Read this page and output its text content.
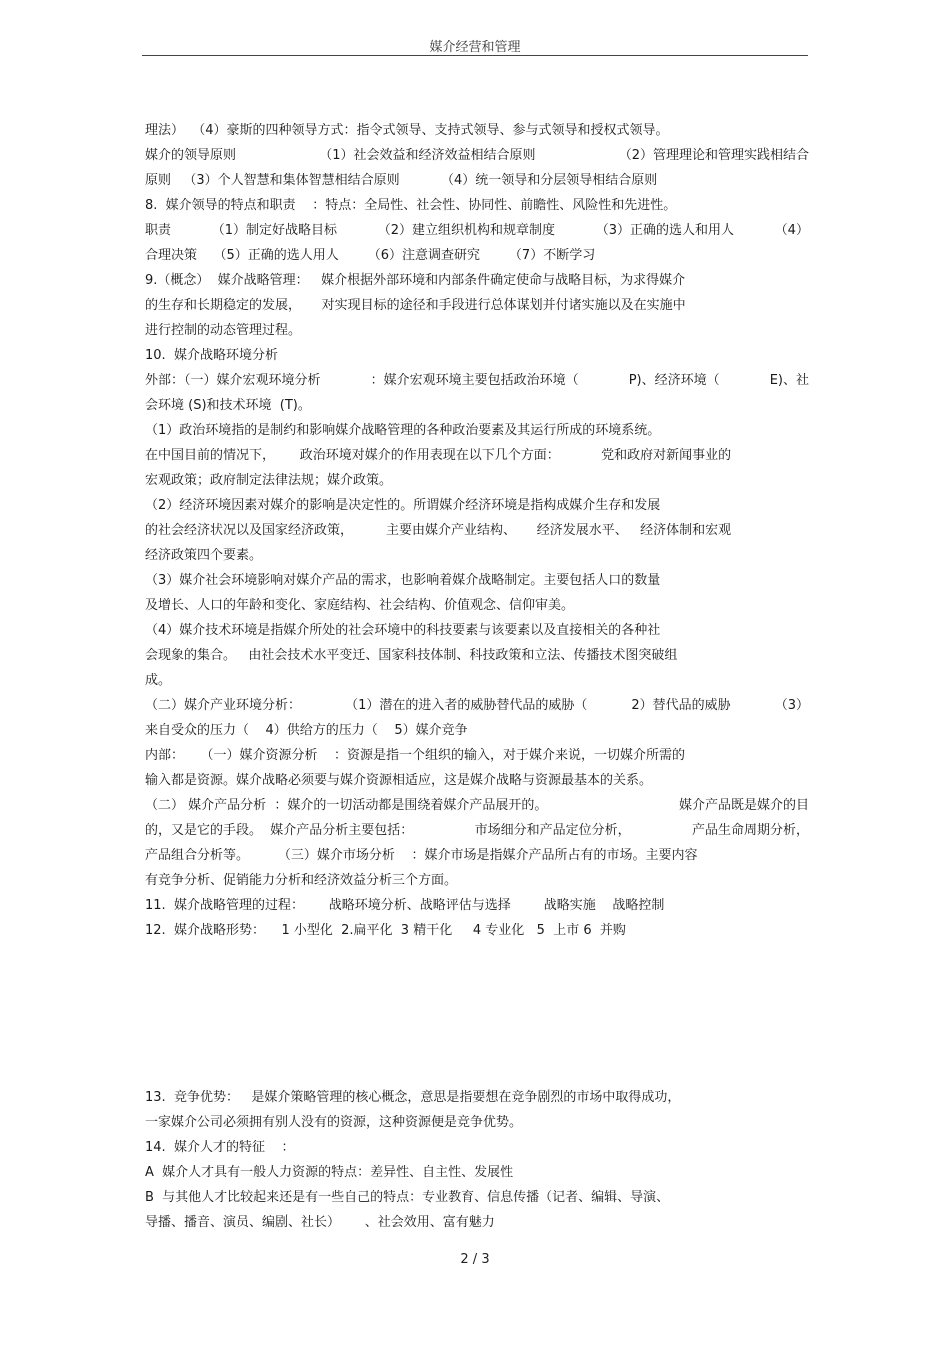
媒介经营和管理
理法）  （4）豪斯的四种领导方式：指令式领导、支持式领导、参与式领导和授权式领导。
媒介的领导原则	（1）社会效益和经济效益相结合原则	（2）管理理论和管理实践相结合
原则   （3）个人智慧和集体智慧相结合原则          （4）统一领导和分层领导相结合原则
8.  媒介领导的特点和职责    ：特点：全局性、社会性、协同性、前瞻性、风险性和先进性。
职责	（1）制定好战略目标	（2）建立组织机构和规章制度	（3）正确的选人和用人	（4）
合理决策    （5）正确的选人用人       （6）注意调查研究       （7）不断学习
9.（概念）  媒介战略管理：   媒介根据外部环境和内部条件确定使命与战略目标，为求得媒介
的生存和长期稳定的发展，     对实现目标的途径和手段进行总体谋划并付诸实施以及在实施中
进行控制的动态管理过程。
10.  媒介战略环境分析
外部：（一）媒介宏观环境分析	：媒介宏观环境主要包括政治环境（	P)、经济环境（	E)、社
会环境 (S)和技术环境  (T)。
（1）政治环境指的是制约和影响媒介战略管理的各种政治要素及其运行所成的环境系统。
在中国目前的情况下，      政治环境对媒介的作用表现在以下几个方面：          党和政府对新闻事业的
宏观政策；政府制定法律法规；媒介政策。
（2）经济环境因素对媒介的影响是决定性的。所谓媒介经济环境是指构成媒介生存和发展
的社会经济状况以及国家经济政策，        主要由媒介产业结构、     经济发展水平、   经济体制和宏观
经济政策四个要素。
（3）媒介社会环境影响对媒介产品的需求，也影响着媒介战略制定。主要包括人口的数量
及增长、人口的年龄和变化、家庭结构、社会结构、价值观念、信仰审美。
（4）媒介技术环境是指媒介所处的社会环境中的科技要素与该要素以及直接相关的各种社
会现象的集合。   由社会技术水平变迁、国家科技体制、科技政策和立法、传播技术图突破组
成。
（二）媒介产业环境分析：	（1）潜在的进入者的威胁替代品的威胁（	2）替代品的威胁	（3）
来自受众的压力（    4）供给方的压力（    5）媒介竞争
内部：    （一）媒介资源分析    ：资源是指一个组织的输入，对于媒介来说，一切媒介所需的
输入都是资源。媒介战略必须要与媒介资源相适应，这是媒介战略与资源最基本的关系。
（二） 媒介产品分析  ：媒介的一切活动都是围绕着媒介产品展开的。	媒介产品既是媒介的目
的，又是它的手段。  媒介产品分析主要包括：	市场细分和产品定位分析，	产品生命周期分析，
产品组合分析等。       （三）媒介市场分析    ：媒介市场是指媒介产品所占有的市场。主要内容
有竞争分析、促销能力分析和经济效益分析三个方面。
11.  媒介战略管理的过程：      战略环境分析、战略评估与选择        战略实施    战略控制
12.  媒介战略形势：    1 小型化  2.扁平化  3 精干化     4 专业化   5  上市 6  并购
13.  竞争优势：   是媒介策略管理的核心概念，意思是指要想在竞争剧烈的市场中取得成功，
一家媒介公司必须拥有别人没有的资源，这种资源便是竞争优势。
14.  媒介人才的特征    ：
A  媒介人才具有一般人力资源的特点：差异性、自主性、发展性
B  与其他人才比较起来还是有一些自己的特点：专业教育、信息传播（记者、编辑、导演、
导播、播音、演员、编剧、社长）      、社会效用、富有魅力
2 / 3
